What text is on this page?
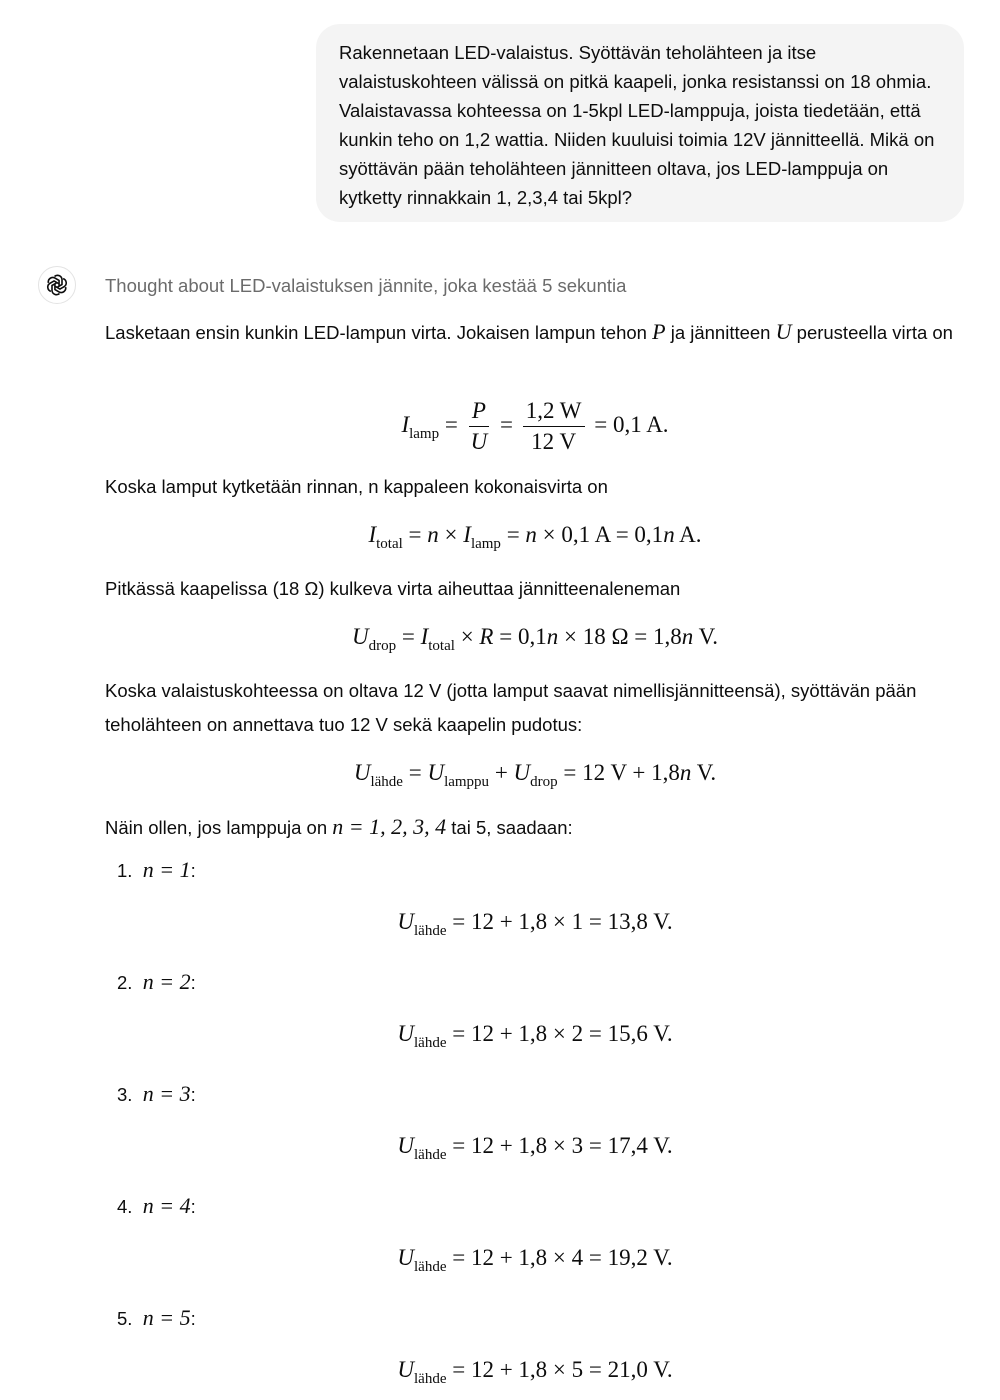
Rakennetaan LED-valaistus. Syöttävän teholähteen ja itse valaistuskohteen välissä on pitkä kaapeli, jonka resistanssi on 18 ohmia. Valaistavassa kohteessa on 1-5kpl LED-lamppuja, joista tiedetään, että kunkin teho on 1,2 wattia. Niiden kuuluisi toimia 12V jännitteellä. Mikä on syöttävän pään teholähteen jännitteen oltava, jos LED-lamppuja on kytketty rinnakkain 1, 2,3,4 tai 5kpl?
Thought about LED-valaistuksen jännite, joka kestää 5 sekuntia
Lasketaan ensin kunkin LED-lampun virta. Jokaisen lampun tehon P ja jännitteen U perusteella virta on
$I_{lamp} = \frac{P}{U} = \frac{1,2 W}{12 V} = 0,1$ A.
Koska lamput kytketään rinnan, n kappaleen kokonaisvirta on
$I_{total} = n \times I_{lamp} = n \times 0,1$ A = 0,1n A.
Pitkässä kaapelissa (18 Ω) kulkeva virta aiheuttaa jännitteenaleneman
$U_{drop} = I_{total} \times R = 0,1n \times 18$ Ω = 1,8n V.
Koska valaistuskohteessa on oltava 12 V (jotta lamput saavat nimellisjännitteensä), syöttävän pään teholähteen on annettava tuo 12 V sekä kaapelin pudotus:
$U_{lähde} = U_{lamppu} + U_{drop} = 12$ V + 1,8n V.
Näin ollen, jos lamppuja on n = 1, 2, 3, 4 tai 5, saadaan:
1. n = 1:
$U_{lähde} = 12 + 1,8 \times 1 = 13,8$ V.
2. n = 2:
$U_{lähde} = 12 + 1,8 \times 2 = 15,6$ V.
3. n = 3:
$U_{lähde} = 12 + 1,8 \times 3 = 17,4$ V.
4. n = 4:
$U_{lähde} = 12 + 1,8 \times 4 = 19,2$ V.
5. n = 5:
$U_{lähde} = 12 + 1,8 \times 5 = 21,0$ V.
